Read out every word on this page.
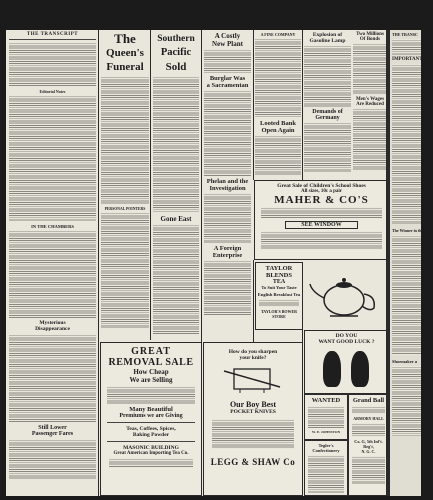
THE TRANSCRIPT
Editorial Notes
IN THE CHAMBERS
Mysterious
Disappearance
Still Lower
Passenger Fares
The
Queen's
Funeral
PERSONAL POINTERS
Southern
Pacific
Sold
Gone East
GREAT
REMOVAL SALE
How Cheap
We are Selling
Many Beautiful
Premiums we are Giving
Teas, Coffees, Spices,
Baking Powder
MASONIC BUILDING
Great American Importing Tea Co.
A Costly
New Plant
Burglar Was
a Sacramentan
Phelan and the
Investigation
A Foreign
Enterprise
A FINE COMPANY
Looted Bank
Open Again
Explosion of
Gasoline Lamp
Demands of
Germany
Two Millions
Of Bonds
Men's Wages
Are Reduced
Great Sale of Children's School Shoes
All sizes, 10c a pair
MAHER & CO'S
SEE WINDOW
TAYLOR
BLENDS
TEA
To Suit Your Taste
English Breakfast Tea
TAYLOR'S BOWER STORE
How do you sharpen
your knife?
Our Boy Best
POCKET KNIVES
LEGG & SHAW Co
DO YOU
WANT GOOD LUCK ?
WANTED
W. E. JOHNSTON
Tegler's Confectionery
Grand Ball
ARMORY HALL
Co. G, 5th Inf't. Reg't,
N. G. C.
THE TRANSC
IMPORTANT B
The Winner in the Race
Shoemaker a
